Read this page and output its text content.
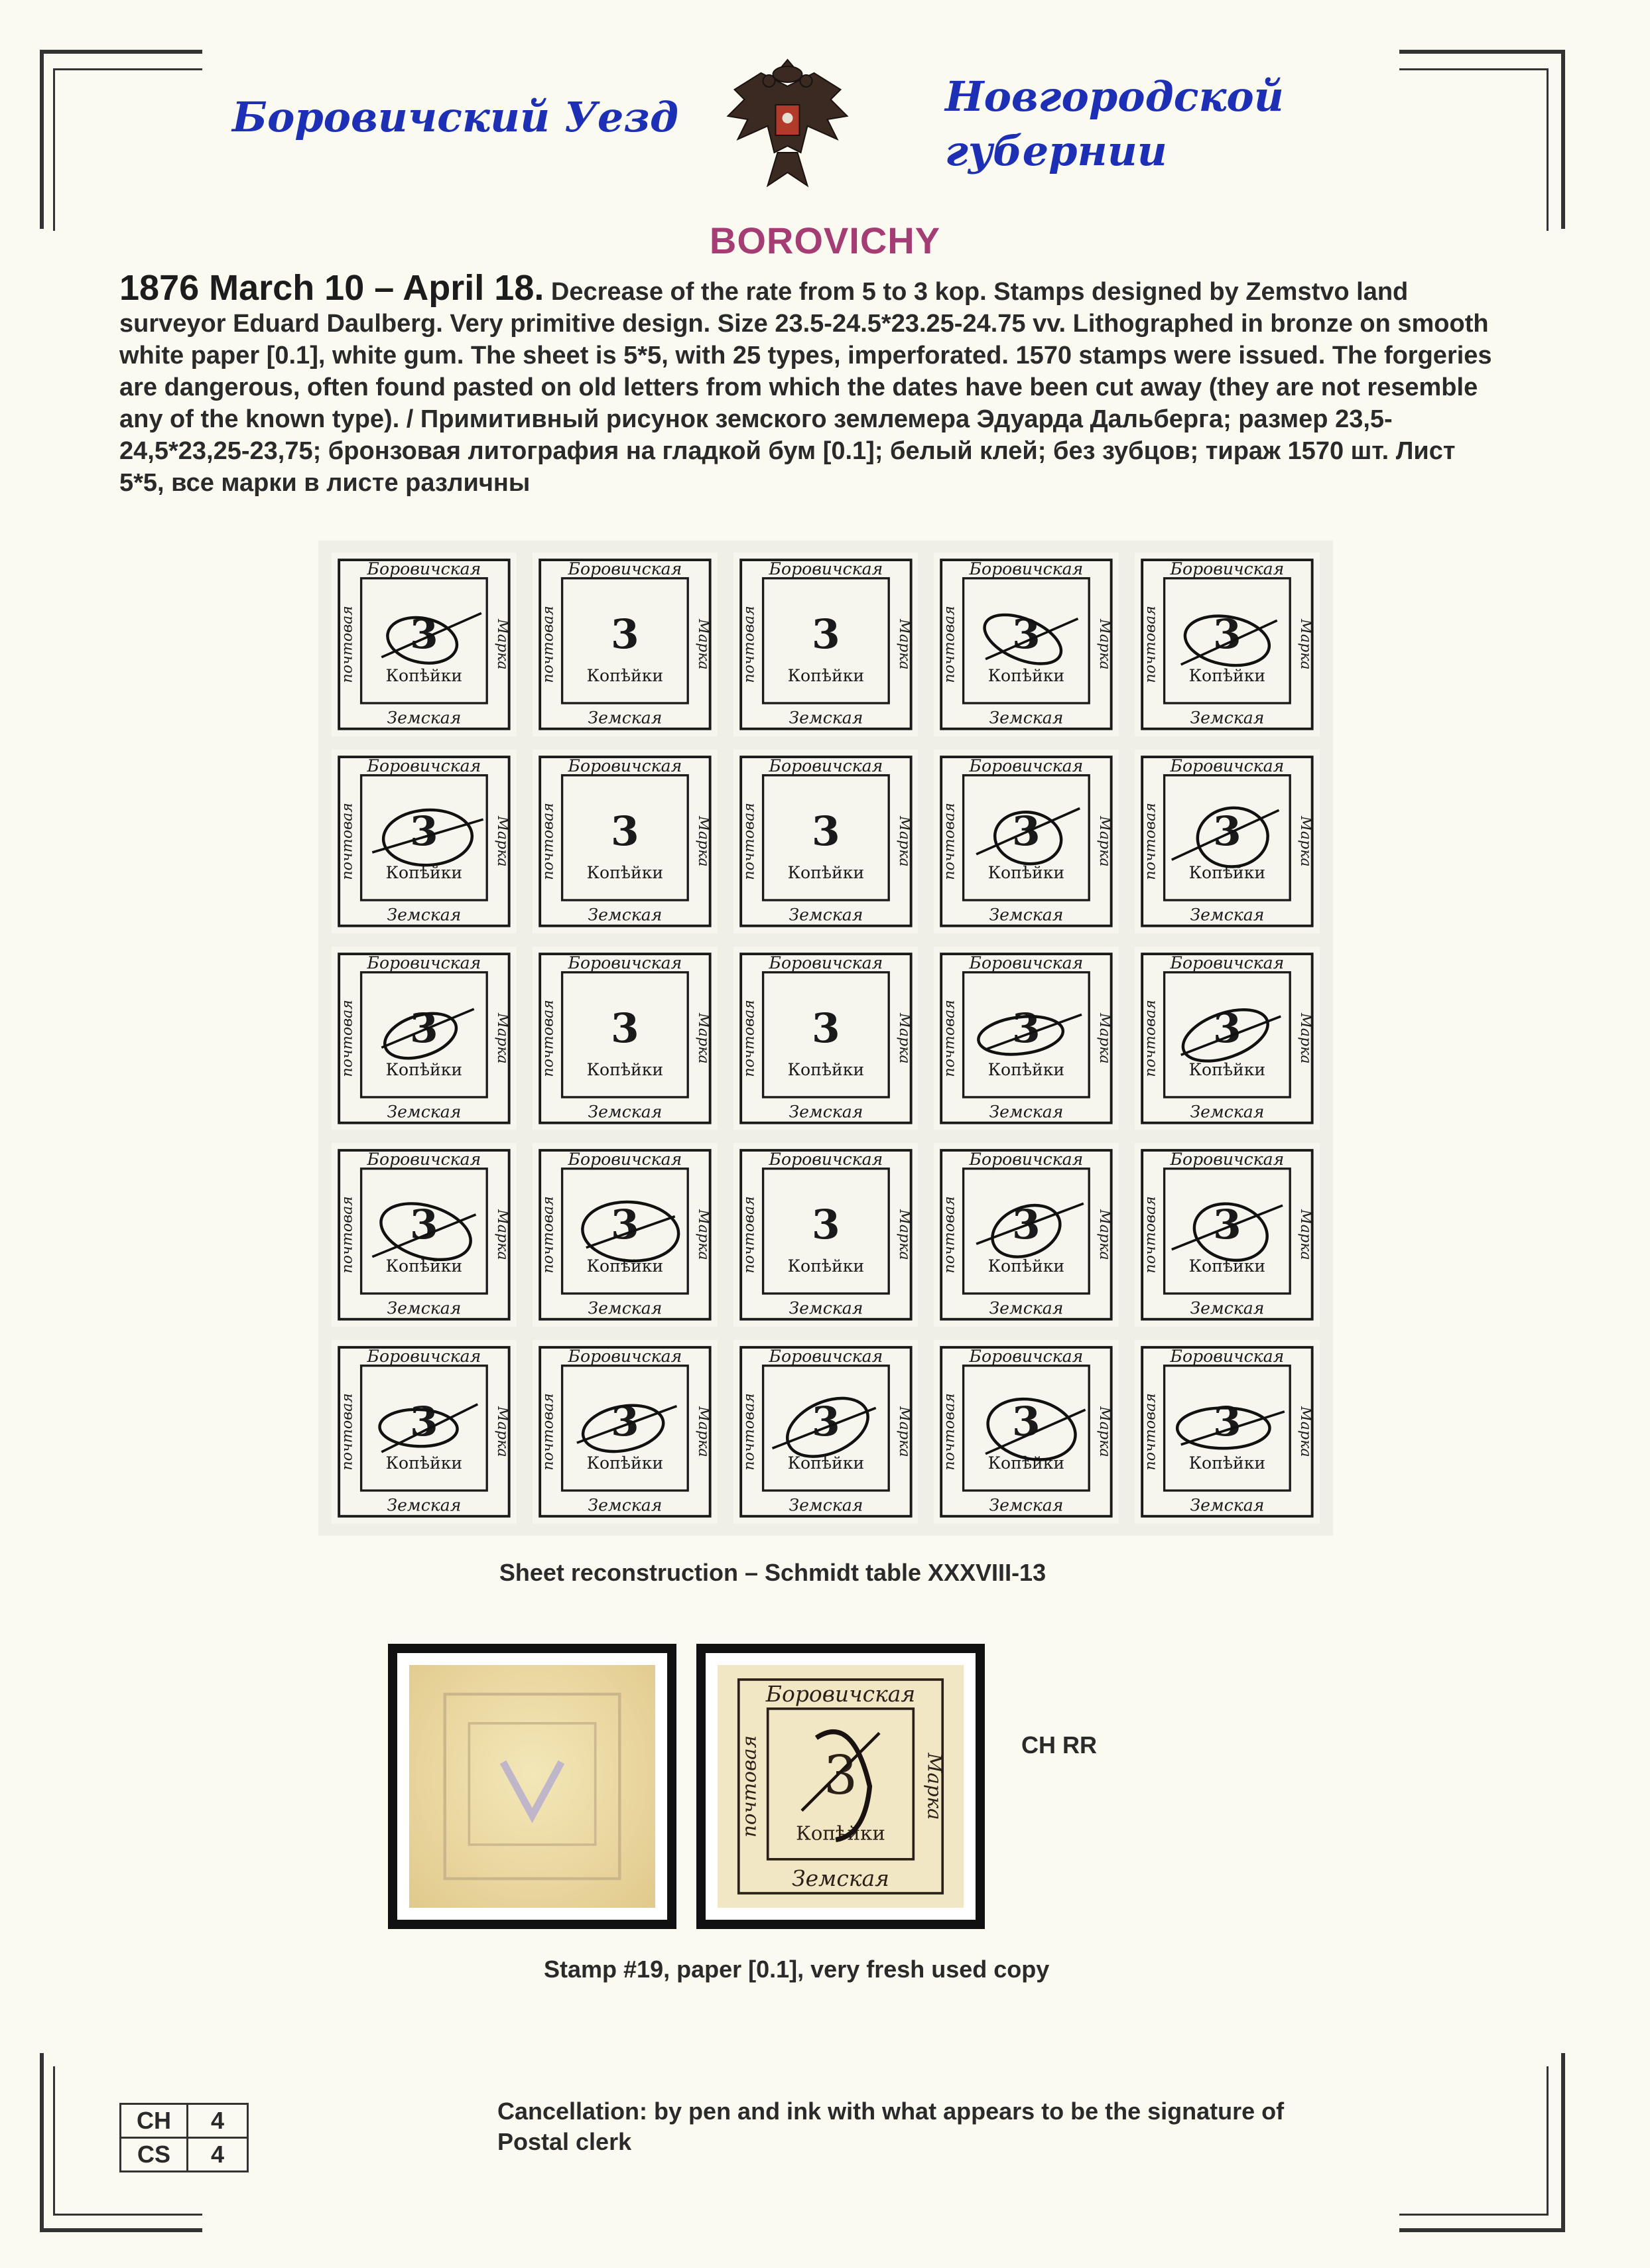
Боровичский Уезд	Новгородской
губернии
BOROVICHY
1876 March 10 – April 18. Decrease of the rate from 5 to 3 kop. Stamps designed by Zemstvo land surveyor Eduard Daulberg. Very primitive design. Size 23.5-24.5*23.25-24.75 vv. Lithographed in bronze on smooth white paper [0.1], white gum. The sheet is 5*5, with 25 types, imperforated. 1570 stamps were issued. The forgeries are dangerous, often found pasted on old letters from which the dates have been cut away (they are not resemble any of the known type). / Примитивный рисунок земского землемера Эдуарда Дальберга; размер 23,5-24,5*23,25-23,75; бронзовая литография на гладкой бум [0.1]; белый клей; без зубцов; тираж 1570 шт. Лист 5*5, все марки в листе различны
Боровичская
Земская
почтовая	Марка
3
Копѣйки
Боровичская
Земская
почтовая	Марка
3
Копѣйки
Боровичская
Земская
почтовая	Марка
3
Копѣйки
Боровичская
Земская
почтовая	Марка
3
Копѣйки
Боровичская
Земская
почтовая	Марка
3
Копѣйки
Боровичская
Земская
почтовая	Марка
3
Копѣйки
Боровичская
Земская
почтовая	Марка
3
Копѣйки
Боровичская
Земская
почтовая	Марка
3
Копѣйки
Боровичская
Земская
почтовая	Марка
3
Копѣйки
Боровичская
Земская
почтовая	Марка
3
Копѣйки
Боровичская
Земская
почтовая	Марка
3
Копѣйки
Боровичская
Земская
почтовая	Марка
3
Копѣйки
Боровичская
Земская
почтовая	Марка
3
Копѣйки
Боровичская
Земская
почтовая	Марка
3
Копѣйки
Боровичская
Земская
почтовая	Марка
3
Копѣйки
Боровичская
Земская
почтовая	Марка
3
Копѣйки
Боровичская
Земская
почтовая	Марка
3
Копѣйки
Боровичская
Земская
почтовая	Марка
3
Копѣйки
Боровичская
Земская
почтовая	Марка
3
Копѣйки
Боровичская
Земская
почтовая	Марка
3
Копѣйки
Боровичская
Земская
почтовая	Марка
3
Копѣйки
Боровичская
Земская
почтовая	Марка
3
Копѣйки
Боровичская
Земская
почтовая	Марка
3
Копѣйки
Боровичская
Земская
почтовая	Марка
3
Копѣйки
Боровичская
Земская
почтовая	Марка
3
Копѣйки
Sheet reconstruction – Schmidt table XXXVIII-13
Боровичская
Земская
почтовая	Марка
3
Копѣйки
CH RR
Stamp #19, paper [0.1], very fresh used copy
CH	4
CS	4
Cancellation: by pen and ink with what appears to be the signature of Postal clerk
